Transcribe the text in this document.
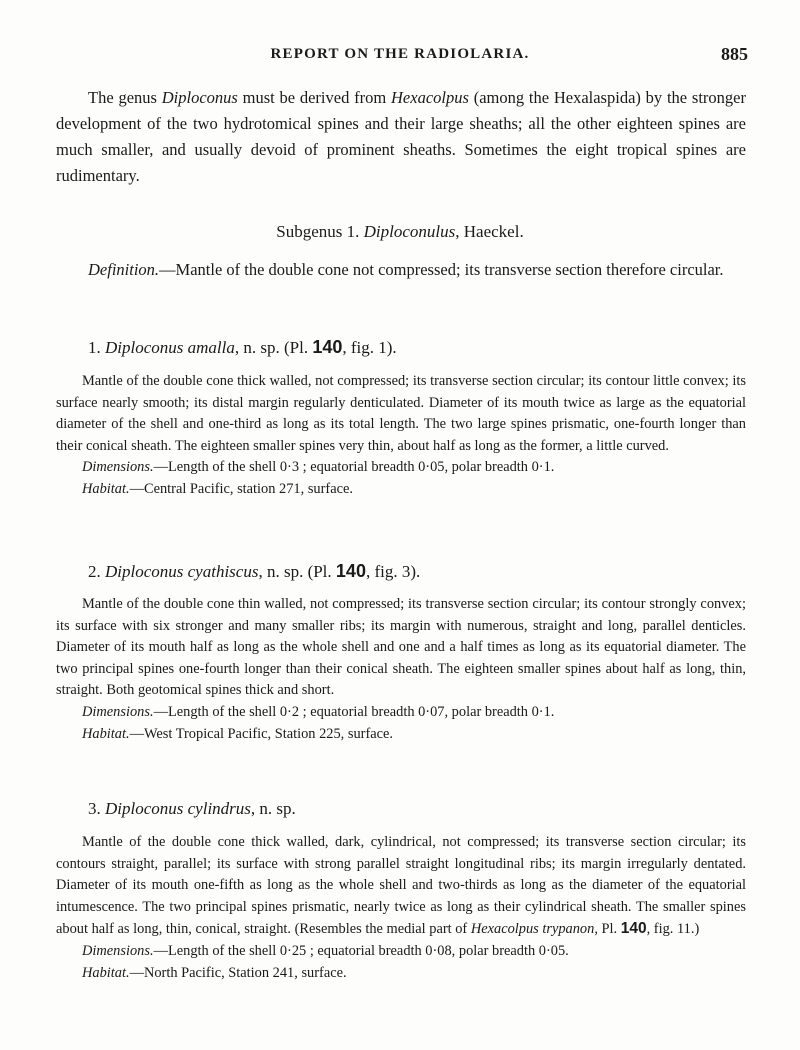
REPORT ON THE RADIOLARIA.	885
The genus Diploconus must be derived from Hexacolpus (among the Hexalaspida) by the stronger development of the two hydrotomical spines and their large sheaths; all the other eighteen spines are much smaller, and usually devoid of prominent sheaths. Sometimes the eight tropical spines are rudimentary.
Subgenus 1. Diploconulus, Haeckel.
Definition.—Mantle of the double cone not compressed; its transverse section therefore circular.
1. Diploconus amalla, n. sp. (Pl. 140, fig. 1).
Mantle of the double cone thick walled, not compressed; its transverse section circular; its contour little convex; its surface nearly smooth; its distal margin regularly denticulated. Diameter of its mouth twice as large as the equatorial diameter of the shell and one-third as long as its total length. The two large spines prismatic, one-fourth longer than their conical sheath. The eighteen smaller spines very thin, about half as long as the former, a little curved.
Dimensions.—Length of the shell 0·3 ; equatorial breadth 0·05, polar breadth 0·1.
Habitat.—Central Pacific, station 271, surface.
2. Diploconus cyathiscus, n. sp. (Pl. 140, fig. 3).
Mantle of the double cone thin walled, not compressed; its transverse section circular; its contour strongly convex; its surface with six stronger and many smaller ribs; its margin with numerous, straight and long, parallel denticles. Diameter of its mouth half as long as the whole shell and one and a half times as long as its equatorial diameter. The two principal spines one-fourth longer than their conical sheath. The eighteen smaller spines about half as long, thin, straight. Both geotomical spines thick and short.
Dimensions.—Length of the shell 0·2 ; equatorial breadth 0·07, polar breadth 0·1.
Habitat.—West Tropical Pacific, Station 225, surface.
3. Diploconus cylindrus, n. sp.
Mantle of the double cone thick walled, dark, cylindrical, not compressed; its transverse section circular; its contours straight, parallel; its surface with strong parallel straight longitudinal ribs; its margin irregularly dentated. Diameter of its mouth one-fifth as long as the whole shell and two-thirds as long as the diameter of the equatorial intumescence. The two principal spines prismatic, nearly twice as long as their cylindrical sheath. The smaller spines about half as long, thin, conical, straight. (Resembles the medial part of Hexacolpus trypanon, Pl. 140, fig. 11.)
Dimensions.—Length of the shell 0·25 ; equatorial breadth 0·08, polar breadth 0·05.
Habitat.—North Pacific, Station 241, surface.
